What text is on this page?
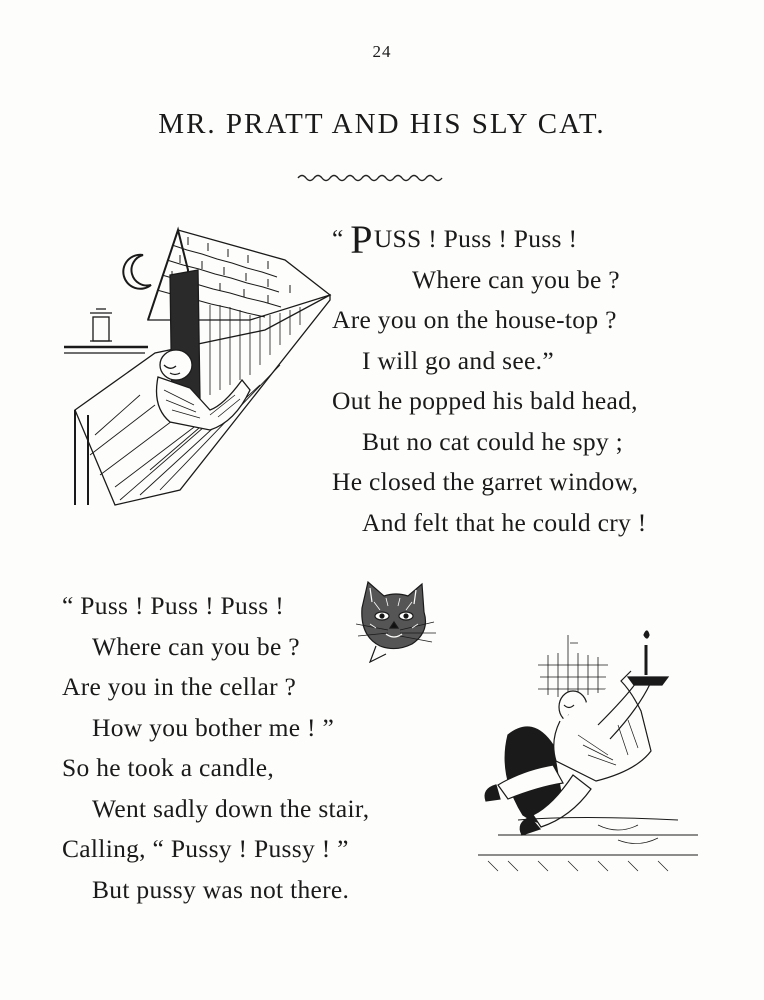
24
MR. PRATT AND HIS SLY CAT.
“ PUSS ! Puss ! Puss !
Where can you be ?
Are you on the house-top ?
I will go and see.”
Out he popped his bald head,
But no cat could he spy ;
He closed the garret window,
And felt that he could cry !
“ Puss ! Puss ! Puss !
Where can you be ?
Are you in the cellar ?
How you bother me ! ”
So he took a candle,
Went sadly down the stair,
Calling, “ Pussy ! Pussy ! ”
But pussy was not there.
